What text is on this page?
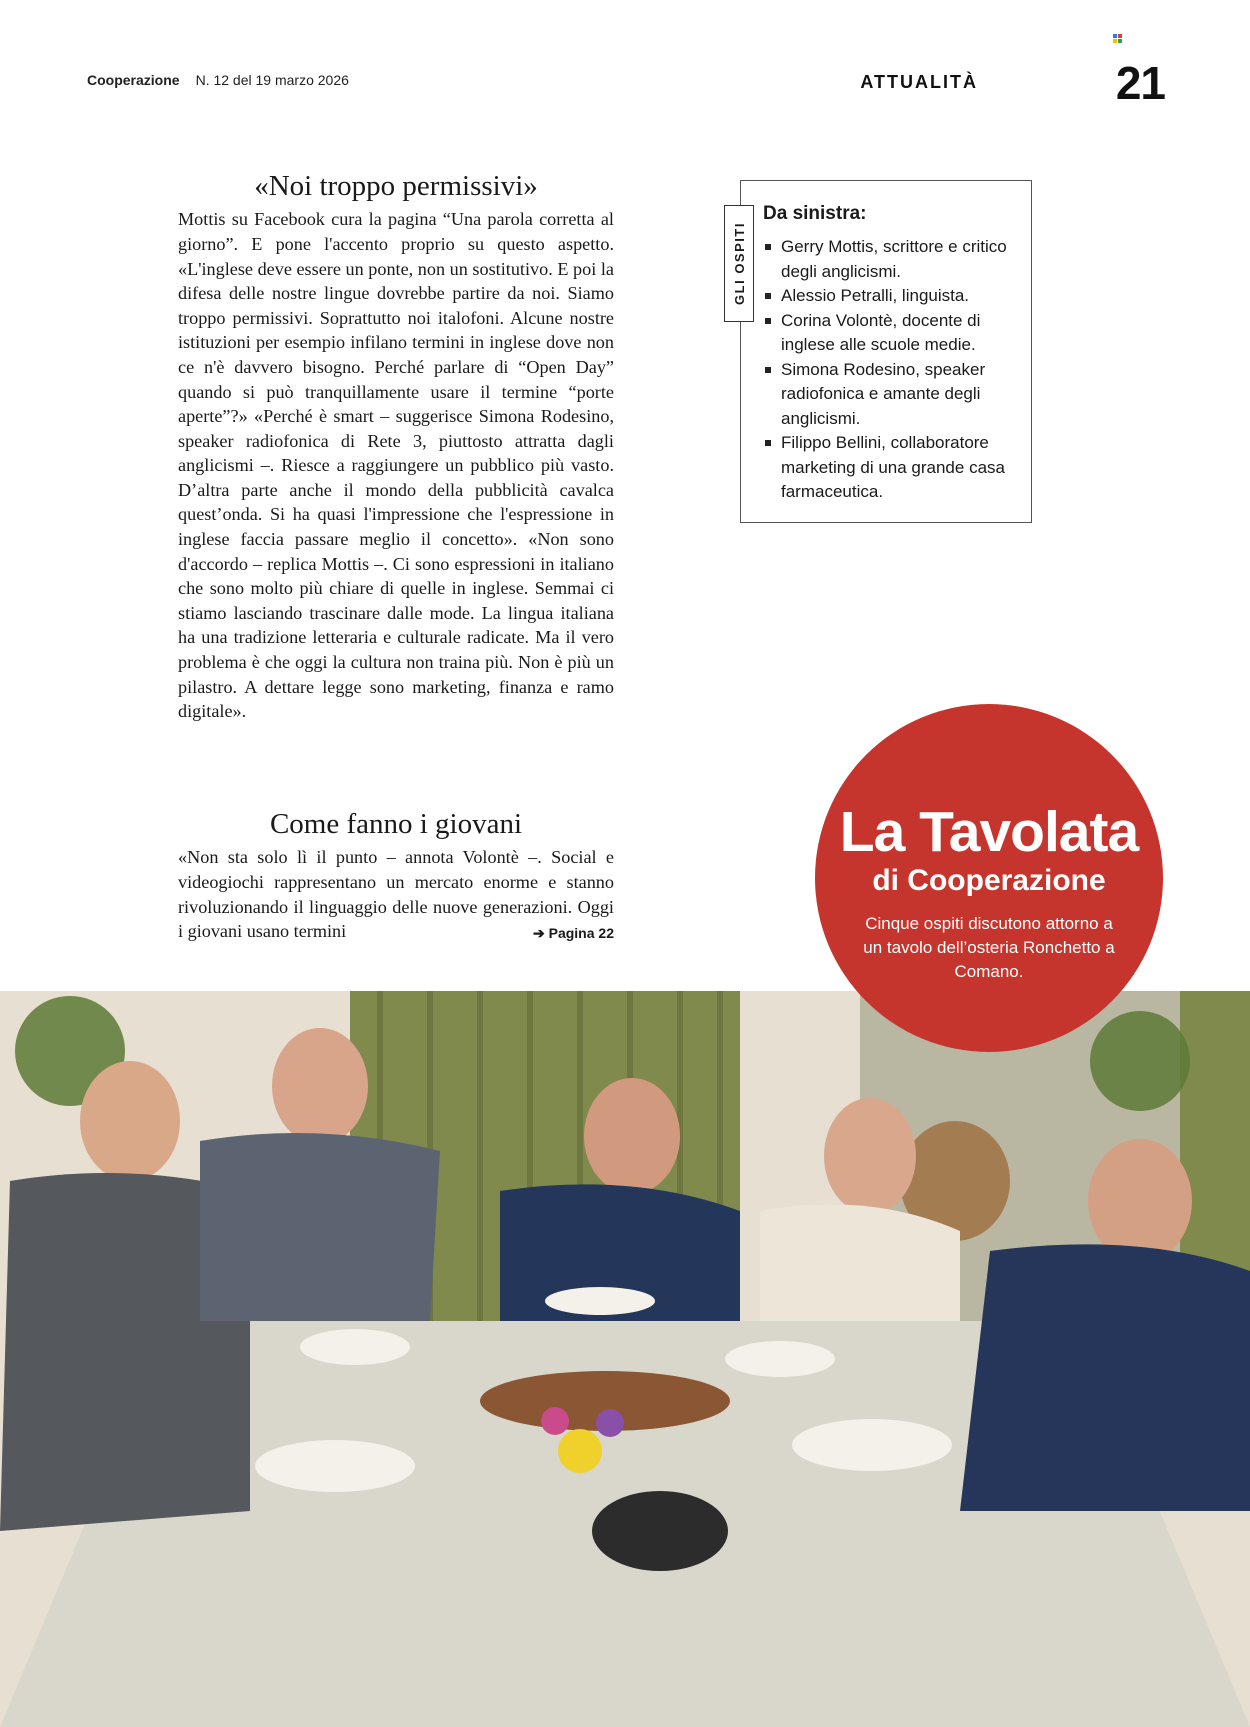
Cooperazione N. 12 del 19 marzo 2026	ATTUALITÀ	21
«Noi troppo permissivi»

Mottis su Facebook cura la pagina “Una parola corretta al giorno”. E pone l'accento proprio su questo aspetto. «L'inglese deve essere un ponte, non un sostitutivo. E poi la difesa delle nostre lingue dovrebbe partire da noi. Siamo troppo permissivi. Soprattutto noi italofoni. Alcune nostre istituzioni per esempio infilano termini in inglese dove non ce n'è davvero bisogno. Perché parlare di “Open Day” quando si può tranquillamente usare il termine “porte aperte”?» «Perché è smart – suggerisce Simona Rodesino, speaker radiofonica di Rete 3, piuttosto attratta dagli anglicismi –. Riesce a raggiungere un pubblico più vasto. D’altra parte anche il mondo della pubblicità cavalca quest’onda. Si ha quasi l'impressione che l'espressione in inglese faccia passare meglio il concetto». «Non sono d'accordo – replica Mottis –. Ci sono espressioni in italiano che sono molto più chiare di quelle in inglese. Semmai ci stiamo lasciando trascinare dalle mode. La lingua italiana ha una tradizione letteraria e culturale radicate. Ma il vero problema è che oggi la cultura non traina più. Non è più un pilastro. A dettare legge sono marketing, finanza e ramo digitale».

Come fanno i giovani

«Non sta solo lì il punto – annota Volontè –. Social e videogiochi rappresentano un mercato enorme e stanno rivoluzionando il linguaggio delle nuove generazioni. Oggi i giovani usano termini	➔ Pagina 22

GLI OSPITI
Da sinistra:
Gerry Mottis, scrittore e critico degli anglicismi.
Alessio Petralli, linguista.
Corina Volontè, docente di inglese alle scuole medie.
Simona Rodesino, speaker radiofonica e amante degli anglicismi.
Filippo Bellini, collaboratore marketing di una grande casa farmaceutica.
La Tavolata
di Cooperazione
Cinque ospiti discutono attorno a un tavolo dell’osteria Ronchetto a Comano.
